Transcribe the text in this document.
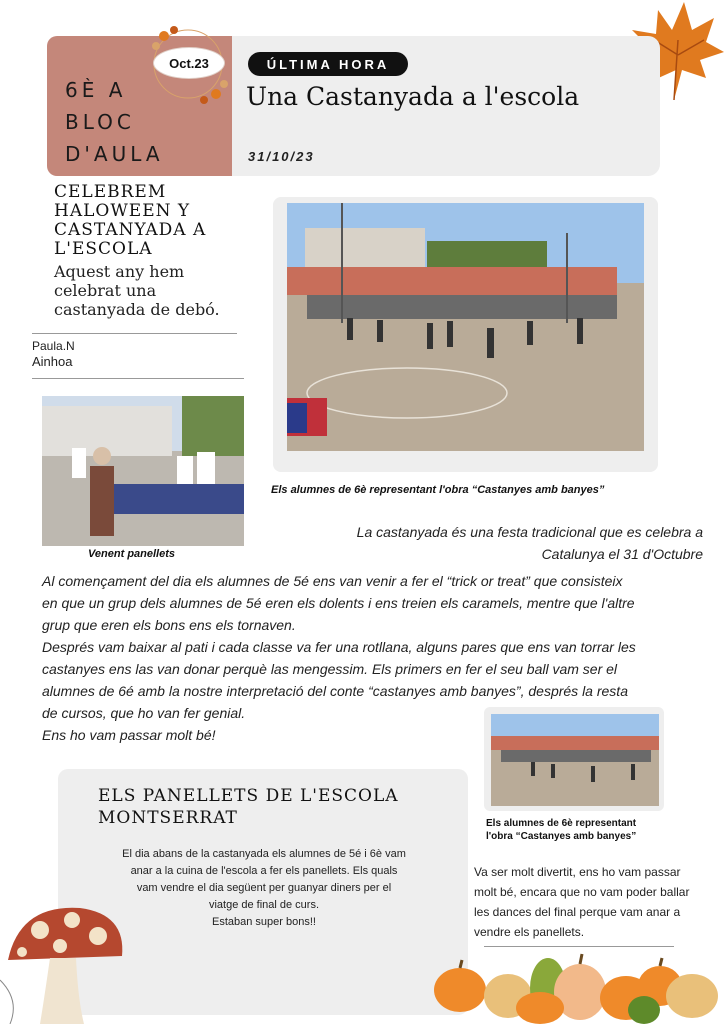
6È A
BLOC
D'AULA
Oct.23	ÚLTIMA HORA
Una Castanyada a l'escola
31/10/23
CELEBREM HALOWEEN Y CASTANYADA A L'ESCOLA
Aquest any hem celebrat una castanyada de debó.
Paula.N
Ainhoa
Els alumnes de 6è representant l'obra “Castanyes amb banyes”
Venent panellets
La castanyada és una festa tradicional que es celebra a
Catalunya el 31 d'Octubre
Al començament del dia els alumnes de 5é ens van venir a fer el “trick or treat” que consisteix
en que un grup dels alumnes de 5é eren els dolents i ens treien els caramels, mentre que l'altre
grup que eren els bons ens els tornaven.
Després vam baixar al pati i cada classe va fer una rotllana, alguns pares que ens van torrar les
castanyes ens las van donar perquè las mengessim. Els primers en fer el seu ball vam ser el
alumnes de 6é amb la nostre interpretació del conte “castanyes amb banyes”, després la resta
de cursos, que ho van fer genial.
Ens ho vam passar molt bé!
Els alumnes de 6è representant
l'obra “Castanyes amb banyes”
ELS PANELLETS DE L'ESCOLA
MONTSERRAT
El dia abans de la castanyada els alumnes de 5é i 6è vam
anar a la cuina de l'escola a fer els panellets. Els quals
vam vendre el dia següent per guanyar diners per el
viatge de final de curs.
Estaban super bons!!
Va ser molt divertit, ens ho vam passar
molt bé, encara que no vam poder ballar
les dances del final perque vam anar a
vendre els panellets.
